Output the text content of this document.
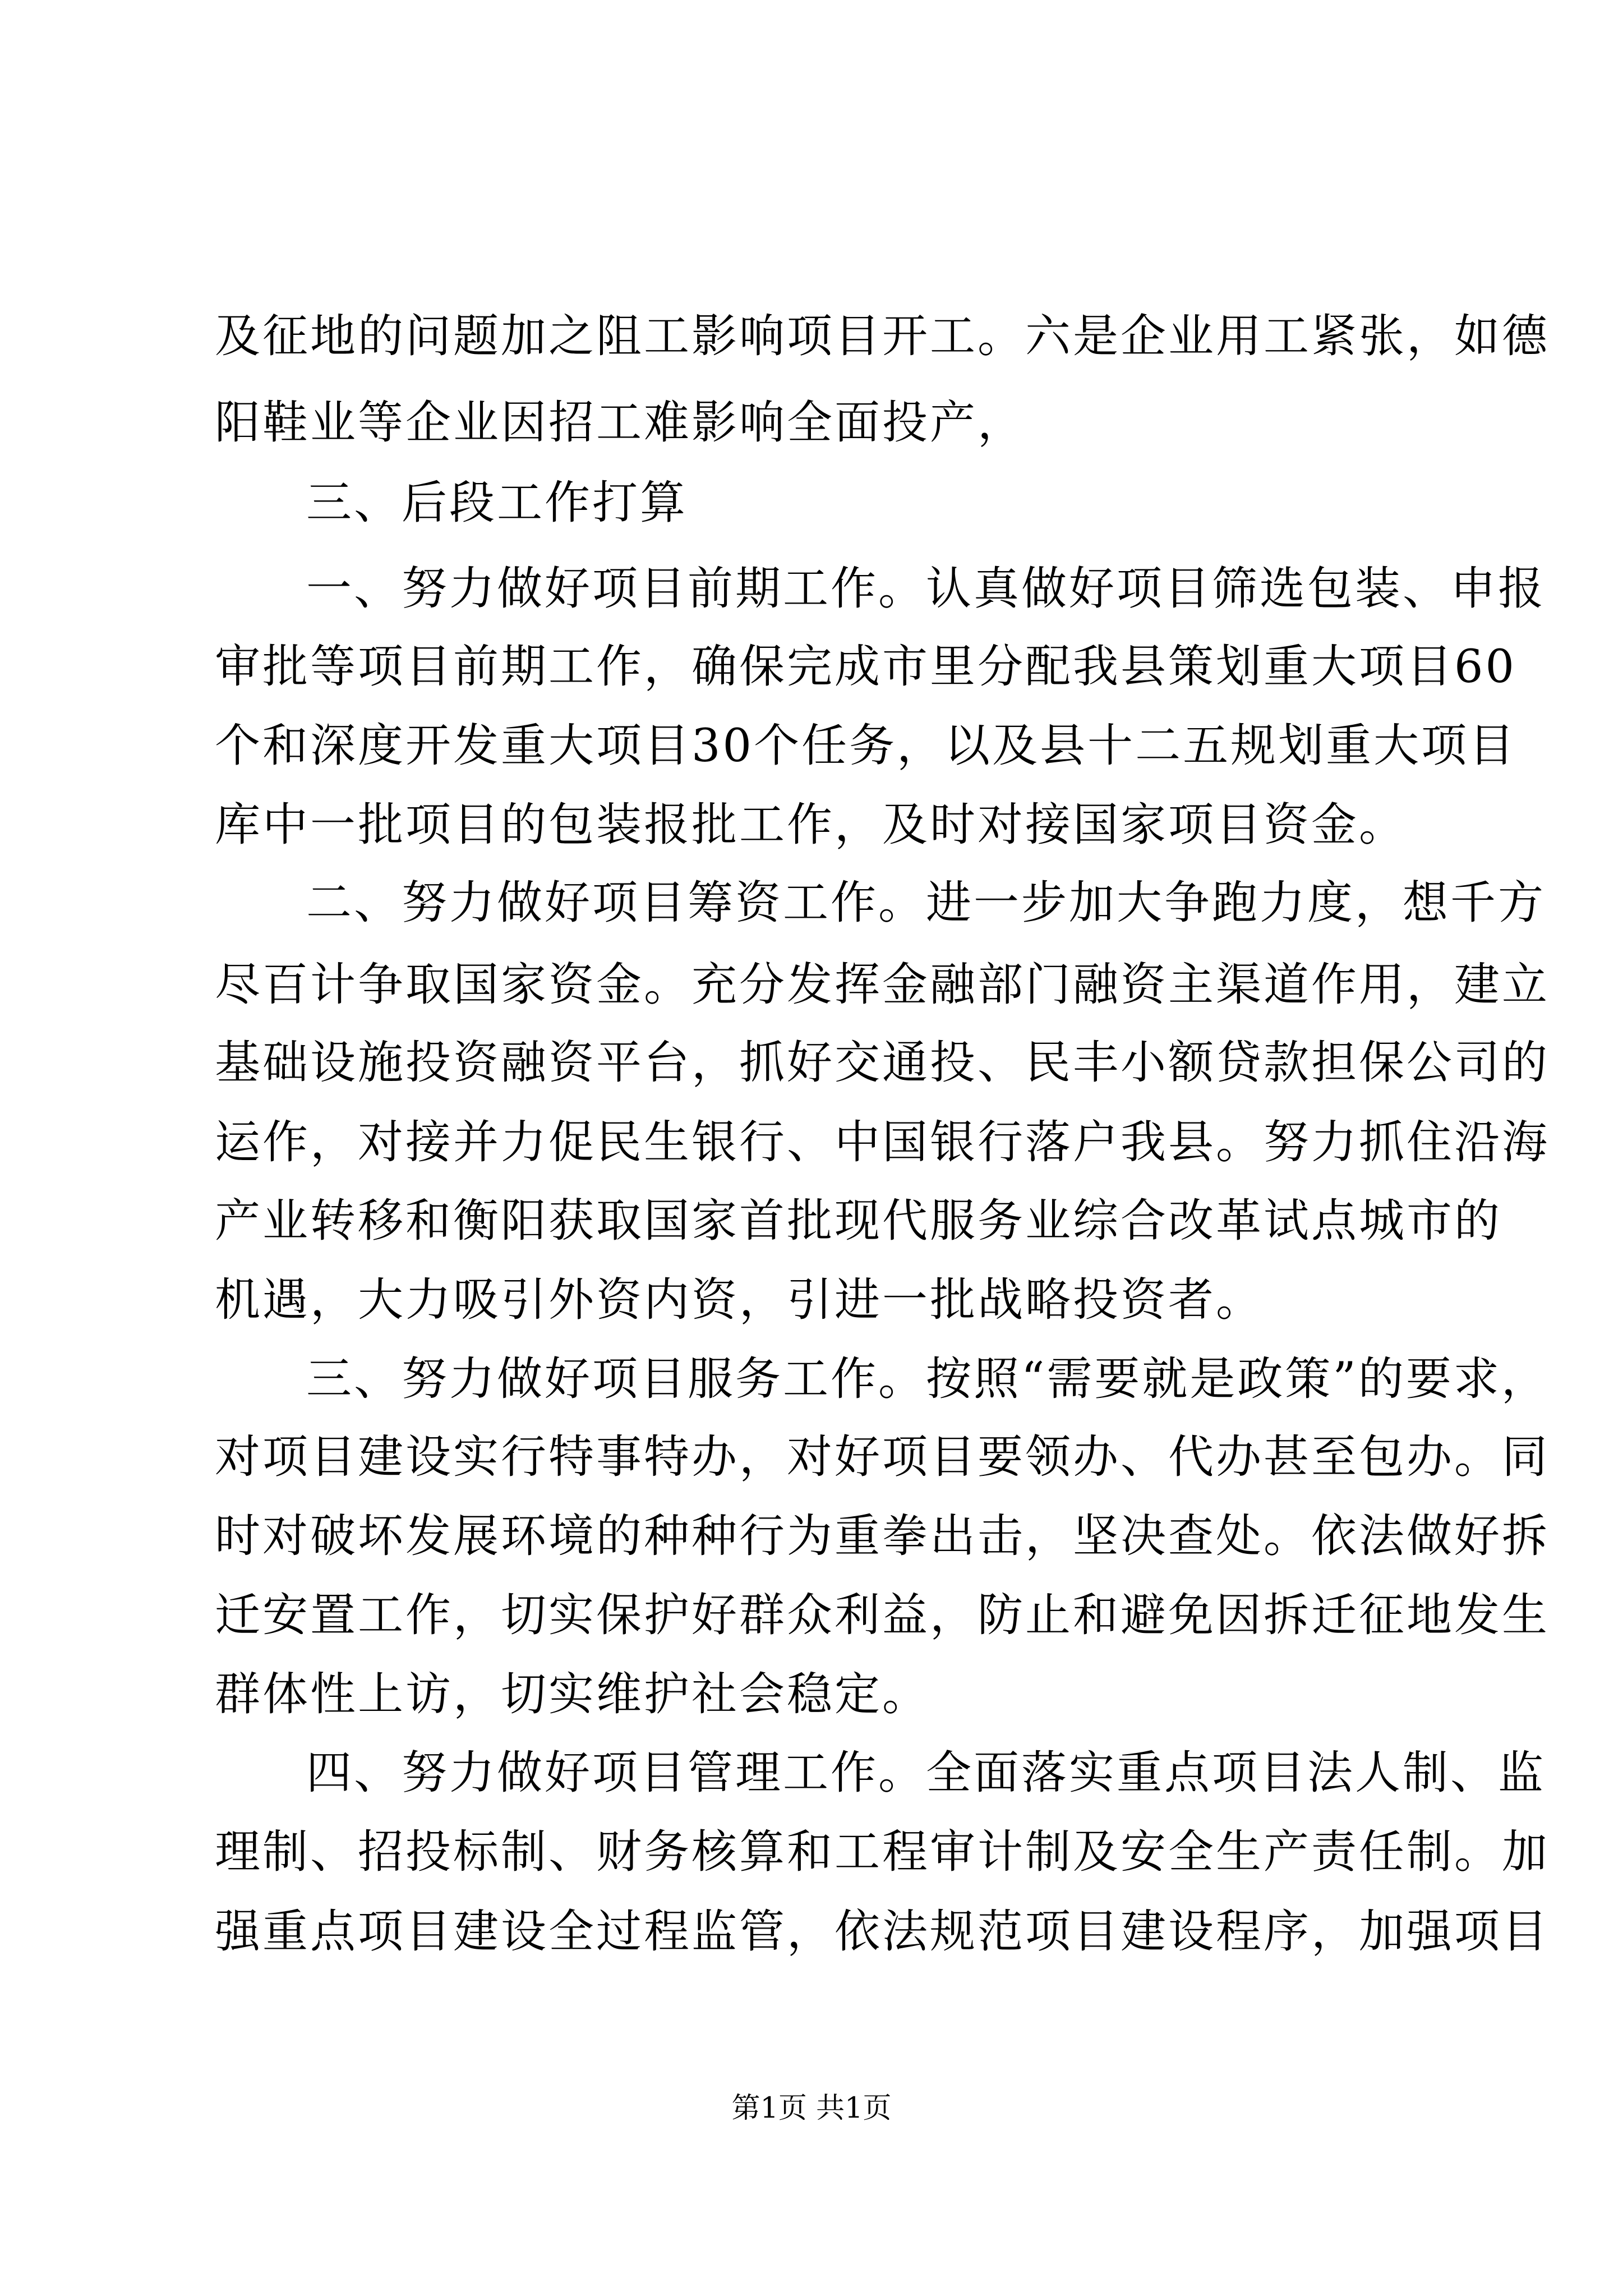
及征地的问题加之阻工影响项目开工。六是企业用工紧张，如德
阳鞋业等企业因招工难影响全面投产，
三、后段工作打算
一、努力做好项目前期工作。认真做好项目筛选包装、申报
审批等项目前期工作，确保完成市里分配我县策划重大项目60
个和深度开发重大项目30个任务，以及县十二五规划重大项目
库中一批项目的包装报批工作，及时对接国家项目资金。
二、努力做好项目筹资工作。进一步加大争跑力度，想千方
尽百计争取国家资金。充分发挥金融部门融资主渠道作用，建立
基础设施投资融资平台，抓好交通投、民丰小额贷款担保公司的
运作，对接并力促民生银行、中国银行落户我县。努力抓住沿海
产业转移和衡阳获取国家首批现代服务业综合改革试点城市的
机遇，大力吸引外资内资，引进一批战略投资者。
三、努力做好项目服务工作。按照“需要就是政策”的要求，
对项目建设实行特事特办，对好项目要领办、代办甚至包办。同
时对破坏发展环境的种种行为重拳出击，坚决查处。依法做好拆
迁安置工作，切实保护好群众利益，防止和避免因拆迁征地发生
群体性上访，切实维护社会稳定。
四、努力做好项目管理工作。全面落实重点项目法人制、监
理制、招投标制、财务核算和工程审计制及安全生产责任制。加
强重点项目建设全过程监管，依法规范项目建设程序，加强项目
第1页 共1页
